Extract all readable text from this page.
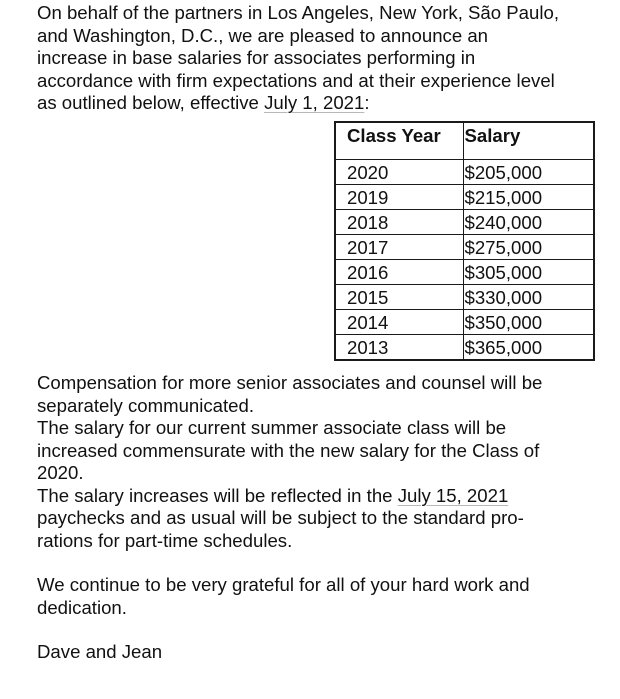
On behalf of the partners in Los Angeles, New York, São Paulo,
and Washington, D.C., we are pleased to announce an
increase in base salaries for associates performing in
accordance with firm expectations and at their experience level
as outlined below, effective July 1, 2021:

Class Year	Salary
2020	$205,000
2019	$215,000
2018	$240,000
2017	$275,000
2016	$305,000
2015	$330,000
2014	$350,000
2013	$365,000

Compensation for more senior associates and counsel will be
separately communicated.

The salary for our current summer associate class will be
increased commensurate with the new salary for the Class of
2020.

The salary increases will be reflected in the July 15, 2021
paychecks and as usual will be subject to the standard pro-
rations for part-time schedules.

We continue to be very grateful for all of your hard work and
dedication.

Dave and Jean
